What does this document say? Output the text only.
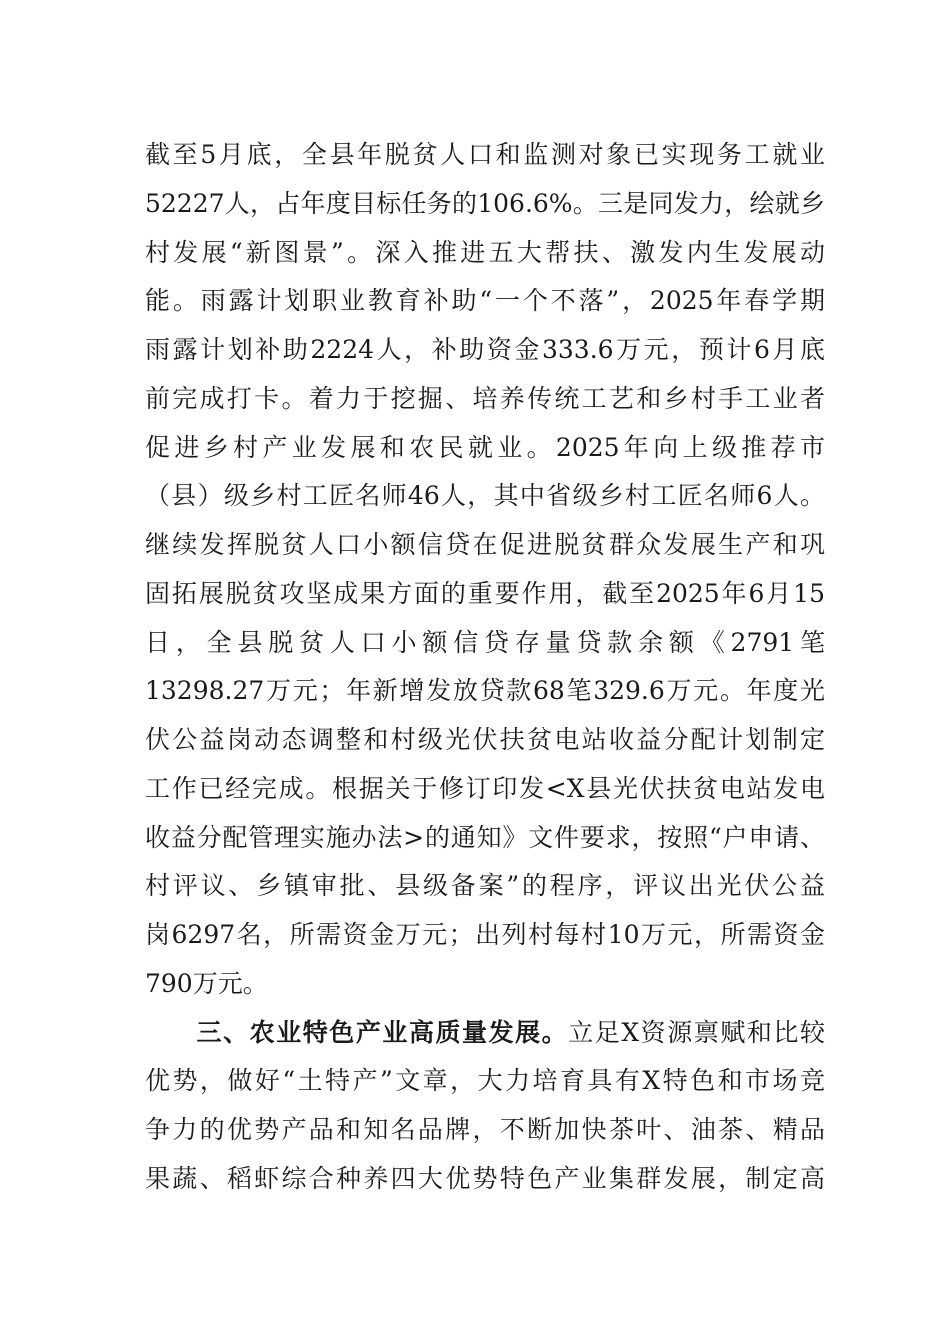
截至5月底，全县年脱贫人口和监测对象已实现务工就业
52227人，占年度目标任务的106.6%。三是同发力，绘就乡
村发展“新图景”。深入推进五大帮扶、激发内生发展动
能。雨露计划职业教育补助“一个不落”，2025年春学期
雨露计划补助2224人，补助资金333.6万元，预计6月底
前完成打卡。着力于挖掘、培养传统工艺和乡村手工业者
促进乡村产业发展和农民就业。2025年向上级推荐市
（县）级乡村工匠名师46人，其中省级乡村工匠名师6人。
继续发挥脱贫人口小额信贷在促进脱贫群众发展生产和巩
固拓展脱贫攻坚成果方面的重要作用，截至2025年6月15
日，全县脱贫人口小额信贷存量贷款余额《2791笔
13298.27万元；年新增发放贷款68笔329.6万元。年度光
伏公益岗动态调整和村级光伏扶贫电站收益分配计划制定
工作已经完成。根据关于修订印发<X县光伏扶贫电站发电
收益分配管理实施办法>的通知》文件要求，按照“户申请、
村评议、乡镇审批、县级备案”的程序，评议出光伏公益
岗6297名，所需资金万元；出列村每村10万元，所需资金
790万元。
三、农业特色产业高质量发展。立足X资源禀赋和比较
优势，做好“土特产”文章，大力培育具有X特色和市场竞
争力的优势产品和知名品牌，不断加快茶叶、油茶、精品
果蔬、稻虾综合种养四大优势特色产业集群发展，制定高
